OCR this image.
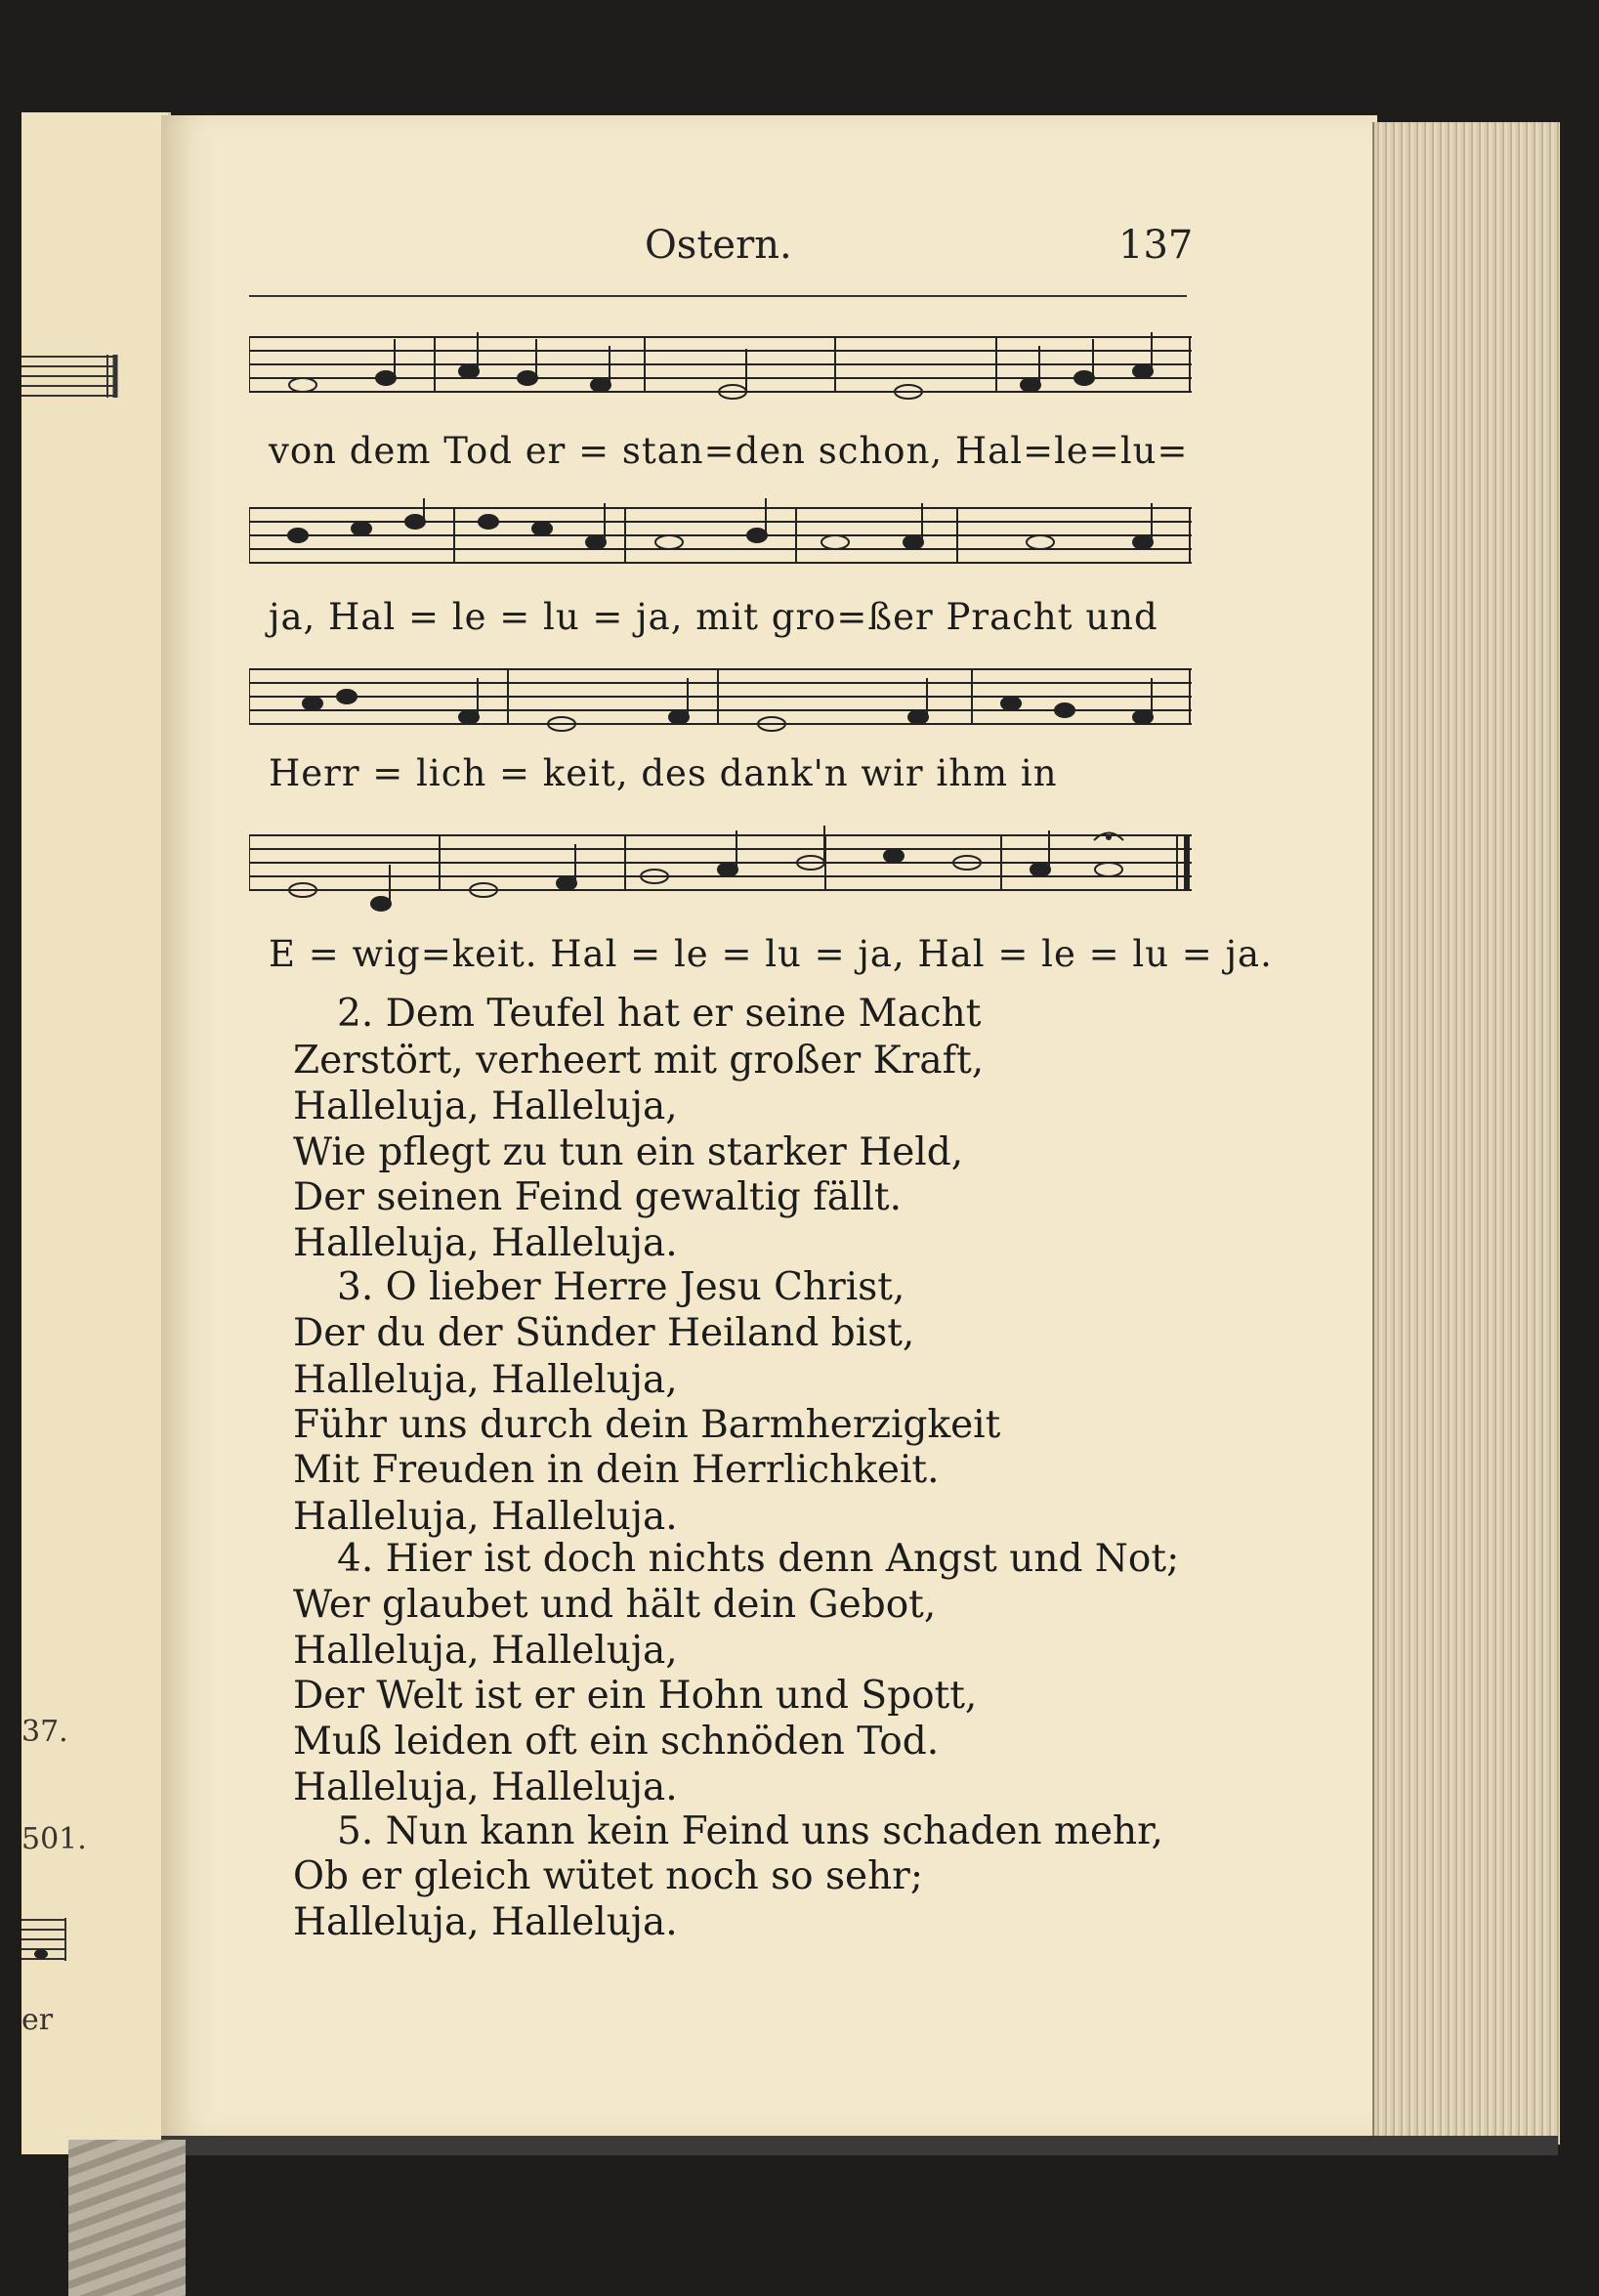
37.
501.
er
Ostern.	137
von dem Tod er = stan=den schon, Hal=le=lu=
ja, Hal = le = lu = ja, mit gro=ßer Pracht und
Herr = lich = keit, des dank'n wir ihm in
E = wig=keit. Hal = le = lu = ja, Hal = le = lu = ja.
2. Dem Teufel hat er seine Macht
Zerstört, verheert mit großer Kraft,
Halleluja, Halleluja,
Wie pflegt zu tun ein starker Held,
Der seinen Feind gewaltig fällt.
Halleluja, Halleluja.
3. O lieber Herre Jesu Christ,
Der du der Sünder Heiland bist,
Halleluja, Halleluja,
Führ uns durch dein Barmherzigkeit
Mit Freuden in dein Herrlichkeit.
Halleluja, Halleluja.
4. Hier ist doch nichts denn Angst und Not;
Wer glaubet und hält dein Gebot,
Halleluja, Halleluja,
Der Welt ist er ein Hohn und Spott,
Muß leiden oft ein schnöden Tod.
Halleluja, Halleluja.
5. Nun kann kein Feind uns schaden mehr,
Ob er gleich wütet noch so sehr;
Halleluja, Halleluja.
